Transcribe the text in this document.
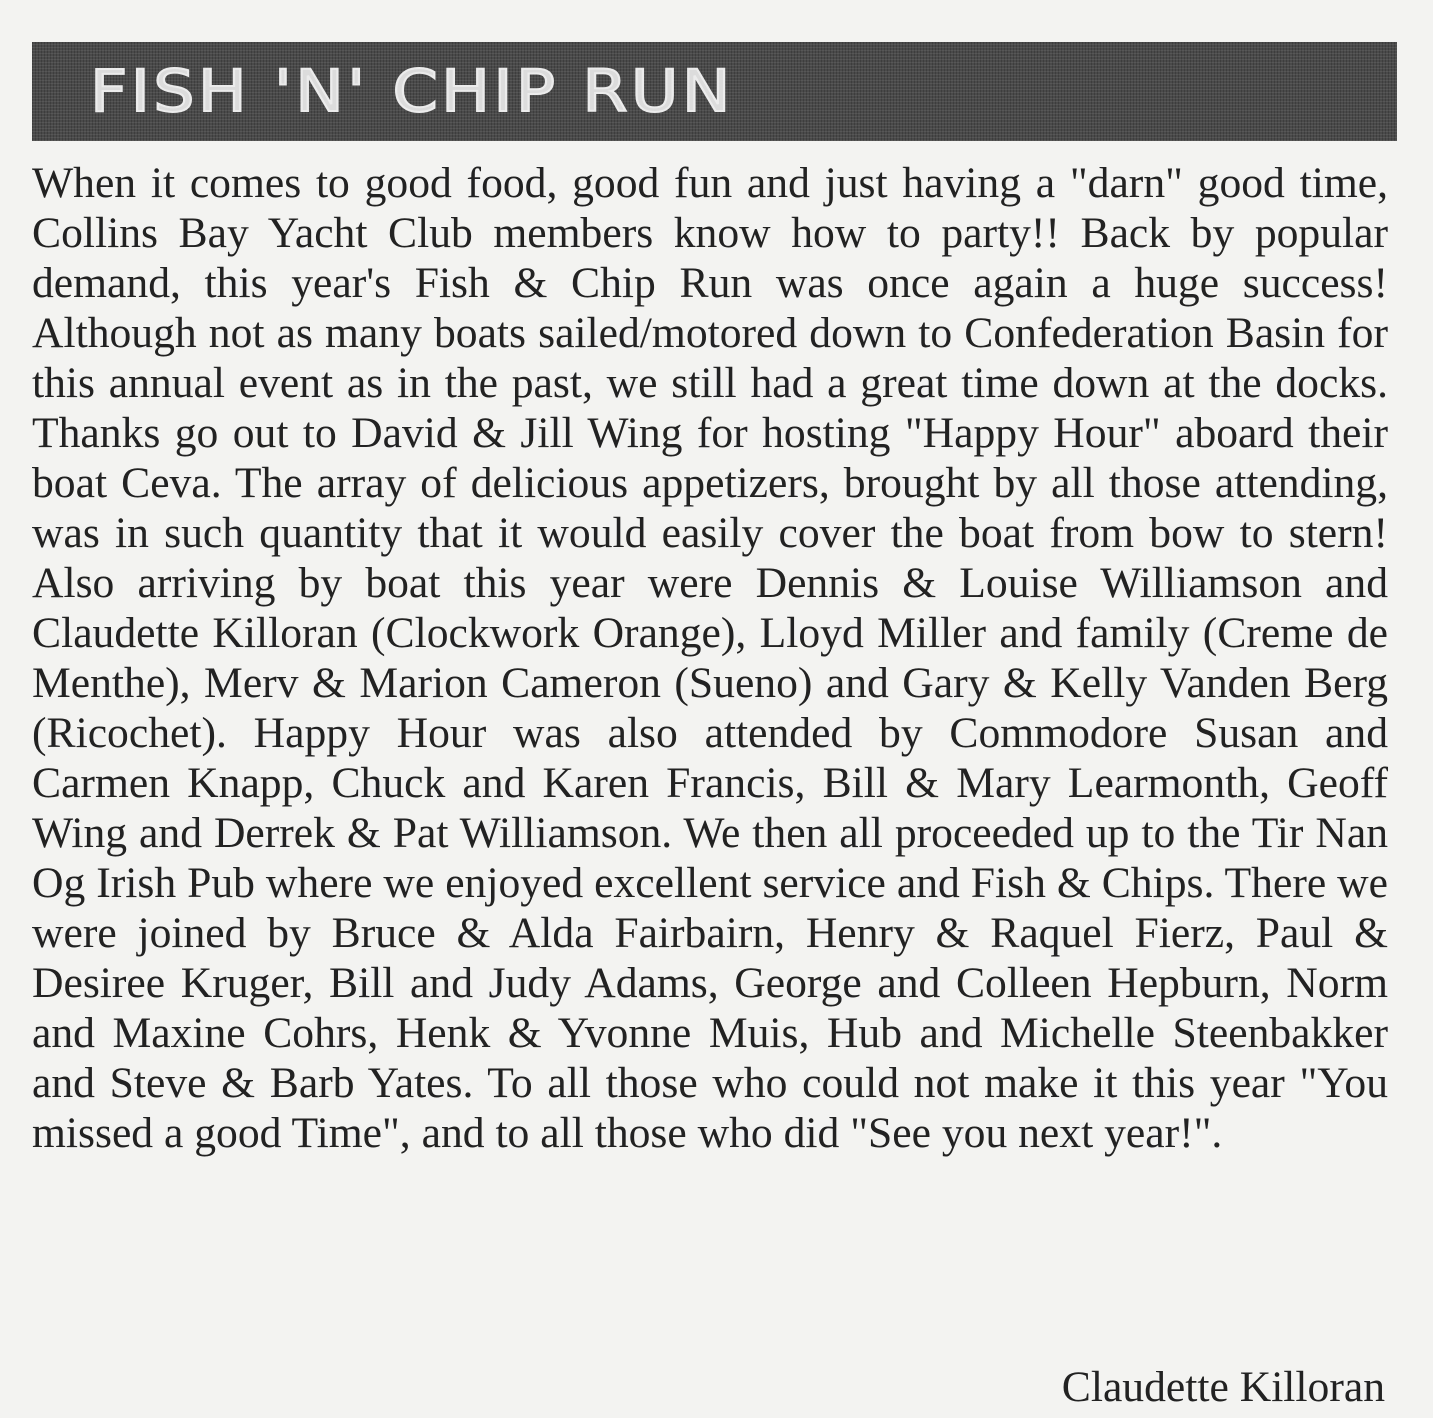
FISH 'N' CHIP RUN

When it comes to good food, good fun and just having a "darn" good time, Collins Bay Yacht Club members know how to party!! Back by popular demand, this year's Fish & Chip Run was once again a huge success! Although not as many boats sailed/motored down to Confederation Basin for this annual event as in the past, we still had a great time down at the docks. Thanks go out to David & Jill Wing for hosting "Happy Hour" aboard their boat Ceva. The array of delicious appetizers, brought by all those attending, was in such quantity that it would easily cover the boat from bow to stern! Also arriving by boat this year were Dennis & Louise Williamson and Claudette Killoran (Clockwork Orange), Lloyd Miller and family (Creme de Menthe), Merv & Marion Cameron (Sueno) and Gary & Kelly Vanden Berg (Ricochet). Happy Hour was also attended by Commodore Susan and Carmen Knapp, Chuck and Karen Francis, Bill & Mary Learmonth, Geoff Wing and Derrek & Pat Williamson. We then all proceeded up to the Tir Nan Og Irish Pub where we enjoyed excellent service and Fish & Chips. There we were joined by Bruce & Alda Fairbairn, Henry & Raquel Fierz, Paul & Desiree Kruger, Bill and Judy Adams, George and Colleen Hepburn, Norm and Maxine Cohrs, Henk & Yvonne Muis, Hub and Michelle Steenbakker and Steve & Barb Yates. To all those who could not make it this year "You missed a good Time", and to all those who did "See you next year!".

Claudette Killoran
